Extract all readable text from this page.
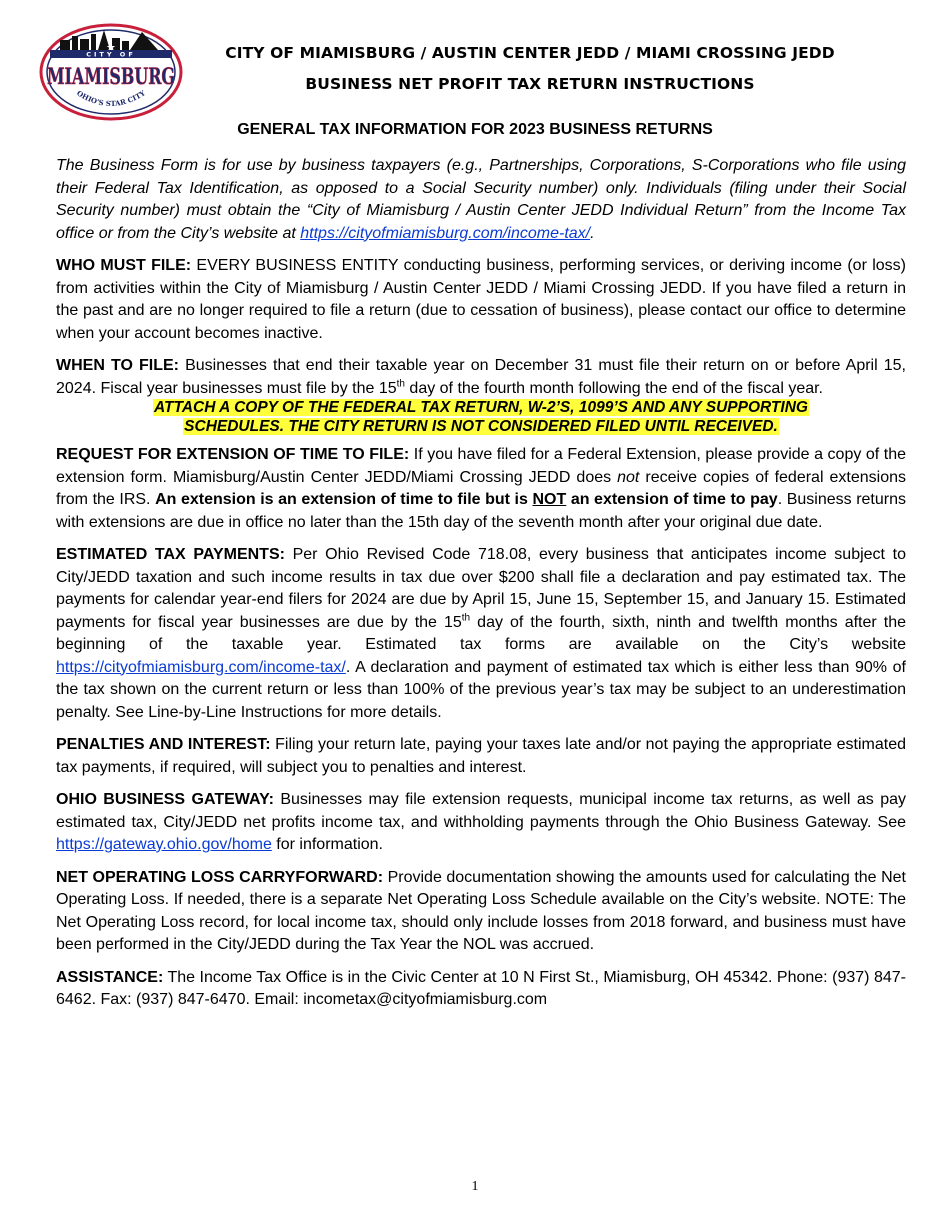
CITY OF
MIAMISBURG
OHIO'S STAR CITY
CITY OF MIAMISBURG / AUSTIN CENTER JEDD / MIAMI CROSSING JEDD
BUSINESS NET PROFIT TAX RETURN INSTRUCTIONS
GENERAL TAX INFORMATION FOR 2023 BUSINESS RETURNS

The Business Form is for use by business taxpayers (e.g., Partnerships, Corporations, S-Corporations who file using their Federal Tax Identification, as opposed to a Social Security number) only. Individuals (filing under their Social Security number) must obtain the “City of Miamisburg / Austin Center JEDD Individual Return” from the Income Tax office or from the City’s website at https://cityofmiamisburg.com/income-tax/.

WHO MUST FILE: EVERY BUSINESS ENTITY conducting business, performing services, or deriving income (or loss) from activities within the City of Miamisburg / Austin Center JEDD / Miami Crossing JEDD. If you have filed a return in the past and are no longer required to file a return (due to cessation of business), please contact our office to determine when your account becomes inactive.

WHEN TO FILE: Businesses that end their taxable year on December 31 must file their return on or before April 15, 2024. Fiscal year businesses must file by the 15th day of the fourth month following the end of the fiscal year.

ATTACH A COPY OF THE FEDERAL TAX RETURN, W-2’S, 1099’S AND ANY SUPPORTING
SCHEDULES. THE CITY RETURN IS NOT CONSIDERED FILED UNTIL RECEIVED.

REQUEST FOR EXTENSION OF TIME TO FILE: If you have filed for a Federal Extension, please provide a copy of the extension form. Miamisburg/Austin Center JEDD/Miami Crossing JEDD does not receive copies of federal extensions from the IRS. An extension is an extension of time to file but is NOT an extension of time to pay. Business returns with extensions are due in office no later than the 15th day of the seventh month after your original due date.

ESTIMATED TAX PAYMENTS: Per Ohio Revised Code 718.08, every business that anticipates income subject to City/JEDD taxation and such income results in tax due over $200 shall file a declaration and pay estimated tax. The payments for calendar year-end filers for 2024 are due by April 15, June 15, September 15, and January 15. Estimated payments for fiscal year businesses are due by the 15th day of the fourth, sixth, ninth and twelfth months after the beginning of the taxable year. Estimated tax forms are available on the City’s website https://cityofmiamisburg.com/income-tax/. A declaration and payment of estimated tax which is either less than 90% of the tax shown on the current return or less than 100% of the previous year’s tax may be subject to an underestimation penalty. See Line-by-Line Instructions for more details.

PENALTIES AND INTEREST: Filing your return late, paying your taxes late and/or not paying the appropriate estimated tax payments, if required, will subject you to penalties and interest.

OHIO BUSINESS GATEWAY: Businesses may file extension requests, municipal income tax returns, as well as pay estimated tax, City/JEDD net profits income tax, and withholding payments through the Ohio Business Gateway. See https://gateway.ohio.gov/home for information.

NET OPERATING LOSS CARRYFORWARD: Provide documentation showing the amounts used for calculating the Net Operating Loss. If needed, there is a separate Net Operating Loss Schedule available on the City’s website. NOTE: The Net Operating Loss record, for local income tax, should only include losses from 2018 forward, and business must have been performed in the City/JEDD during the Tax Year the NOL was accrued.

ASSISTANCE: The Income Tax Office is in the Civic Center at 10 N First St., Miamisburg, OH 45342. Phone: (937) 847-6462. Fax: (937) 847-6470. Email: incometax@cityofmiamisburg.com

1
